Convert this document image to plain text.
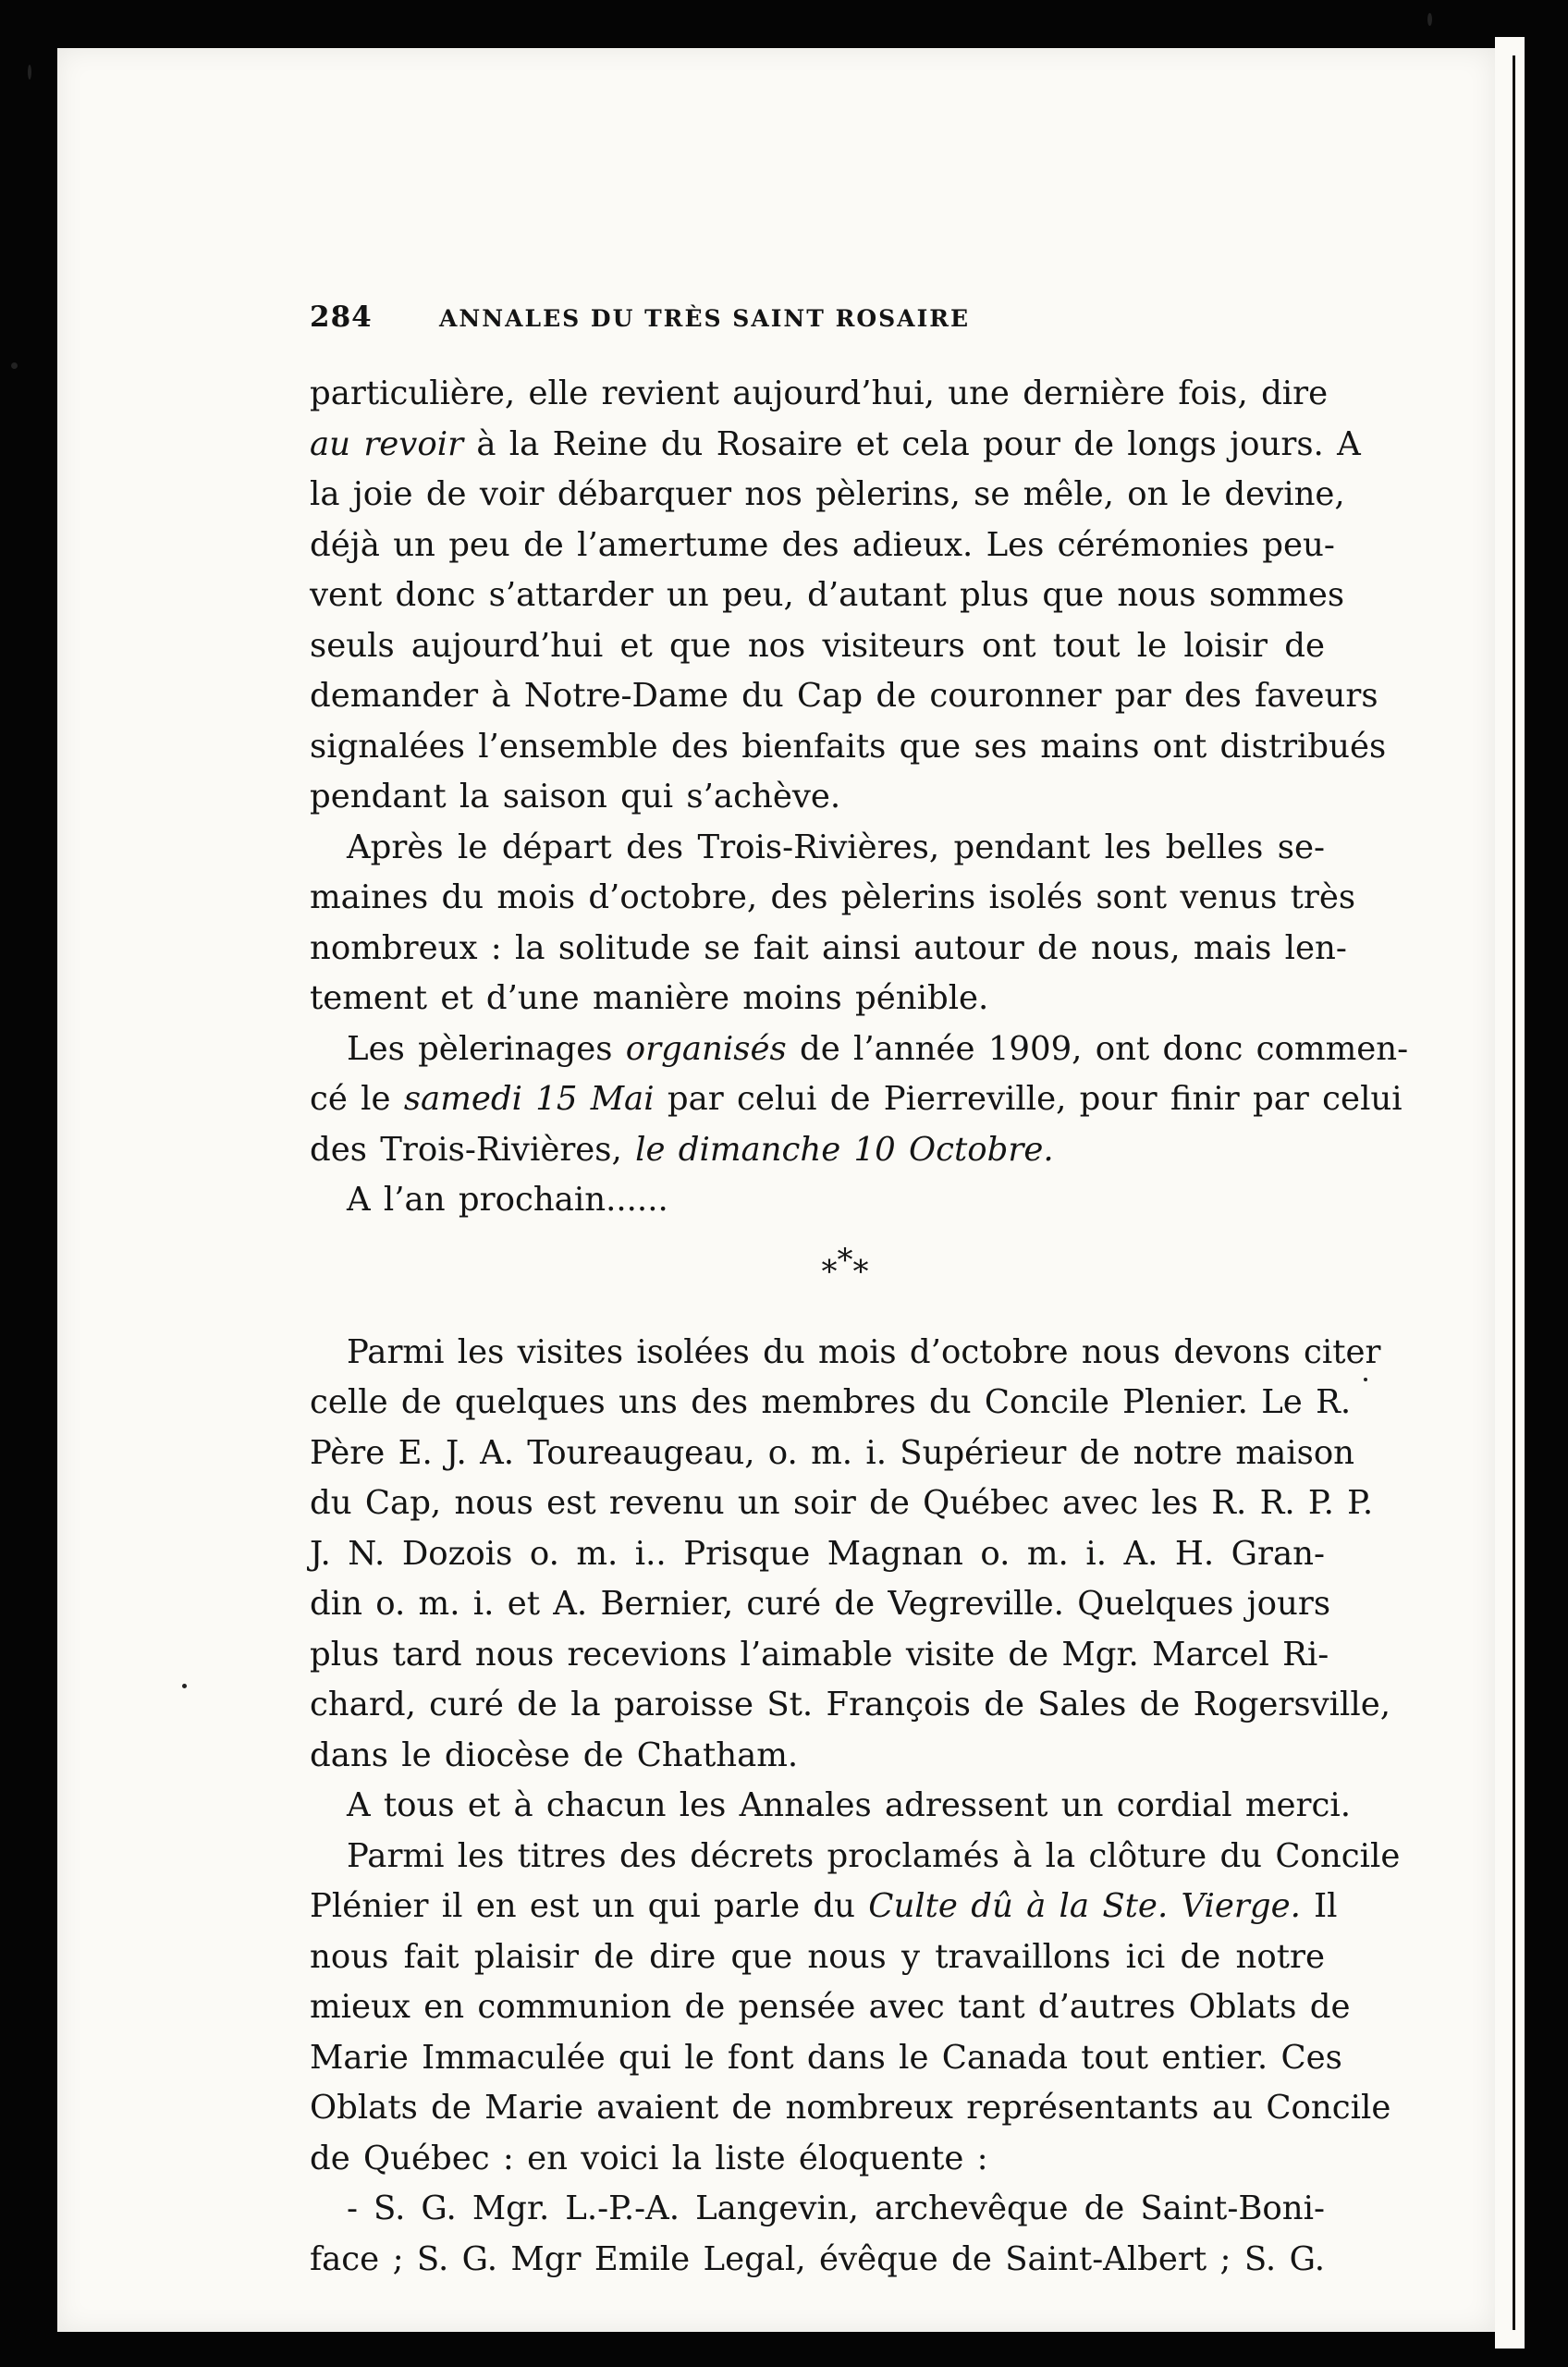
284	ANNALES DU TRÈS SAINT ROSAIRE

particulière, elle revient aujourd’hui, une dernière fois, dire
au revoir à la Reine du Rosaire et cela pour de longs jours. A
la joie de voir débarquer nos pèlerins, se mêle, on le devine,
déjà un peu de l’amertume des adieux. Les cérémonies peu-
vent donc s’attarder un peu, d’autant plus que nous sommes
seuls aujourd’hui et que nos visiteurs ont tout le loisir de
demander à Notre-Dame du Cap de couronner par des faveurs
signalées l’ensemble des bienfaits que ses mains ont distribués
pendant la saison qui s’achève.

Après le départ des Trois-Rivières, pendant les belles se-
maines du mois d’octobre, des pèlerins isolés sont venus très
nombreux : la solitude se fait ainsi autour de nous, mais len-
tement et d’une manière moins pénible.

Les pèlerinages organisés de l’année 1909, ont donc commen-
cé le samedi 15 Mai par celui de Pierreville, pour finir par celui
des Trois-Rivières, le dimanche 10 Octobre.

A l’an prochain......

***

Parmi les visites isolées du mois d’octobre nous devons citer
celle de quelques uns des membres du Concile Plenier. Le R.
Père E. J. A. Toureaugeau, o. m. i. Supérieur de notre maison
du Cap, nous est revenu un soir de Québec avec les R. R. P. P.
J. N. Dozois o. m. i.. Prisque Magnan o. m. i. A. H. Gran-
din o. m. i. et A. Bernier, curé de Vegreville. Quelques jours
plus tard nous recevions l’aimable visite de Mgr. Marcel Ri-
chard, curé de la paroisse St. François de Sales de Rogersville,
dans le diocèse de Chatham.

A tous et à chacun les Annales adressent un cordial merci.

Parmi les titres des décrets proclamés à la clôture du Concile
Plénier il en est un qui parle du Culte dû à la Ste. Vierge. Il
nous fait plaisir de dire que nous y travaillons ici de notre
mieux en communion de pensée avec tant d’autres Oblats de
Marie Immaculée qui le font dans le Canada tout entier. Ces
Oblats de Marie avaient de nombreux représentants au Concile
de Québec : en voici la liste éloquente :

- S. G. Mgr. L.-P.-A. Langevin, archevêque de Saint-Boni-
face ; S. G. Mgr Emile Legal, évêque de Saint-Albert ; S. G.
